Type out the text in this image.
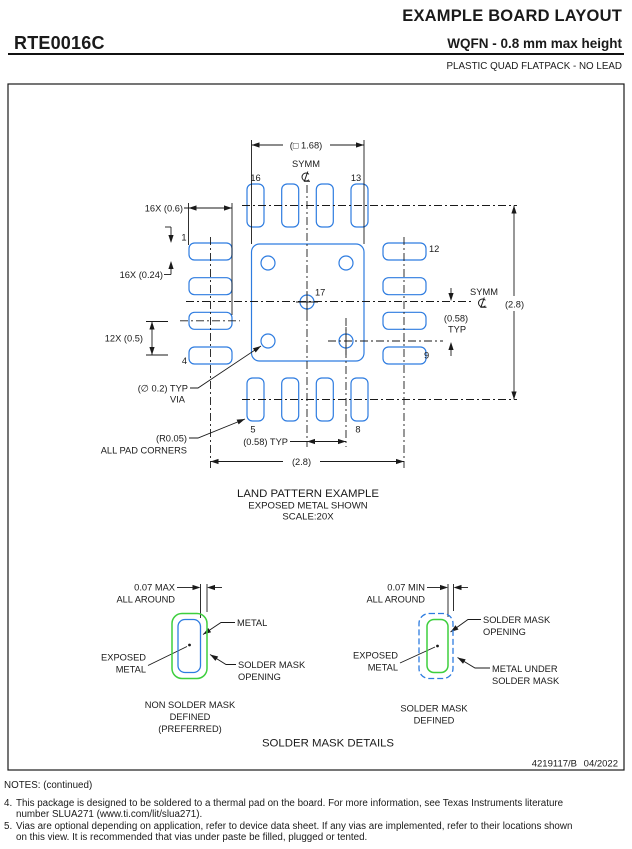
RTE0016C
EXAMPLE BOARD LAYOUT
WQFN - 0.8 mm max height
PLASTIC QUAD FLATPACK - NO LEAD
(□ 1.68)
SYMM
16	13
16X (0.6)
1
16X (0.24)
12X (0.5)
4
17
12
9
SYMM
(2.8)
(0.58)
TYP
(∅ 0.2) TYP
VIA
(R0.05)
ALL PAD CORNERS
5	8
(0.58) TYP
(2.8)
LAND PATTERN EXAMPLE
EXPOSED METAL SHOWN
SCALE:20X
0.07 MAX
ALL AROUND
METAL
EXPOSED
METAL	SOLDER MASK
OPENING
NON SOLDER MASK
DEFINED
(PREFERRED)
0.07 MIN
ALL AROUND
SOLDER MASK
OPENING
EXPOSED
METAL	METAL UNDER
SOLDER MASK
SOLDER MASK
DEFINED
SOLDER MASK DETAILS
4219117/B 04/2022
NOTES: (continued)
4. This package is designed to be soldered to a thermal pad on the board. For more information, see Texas Instruments literature
number SLUA271 (www.ti.com/lit/slua271).
5. Vias are optional depending on application, refer to device data sheet. If any vias are implemented, refer to their locations shown
on this view. It is recommended that vias under paste be filled, plugged or tented.
